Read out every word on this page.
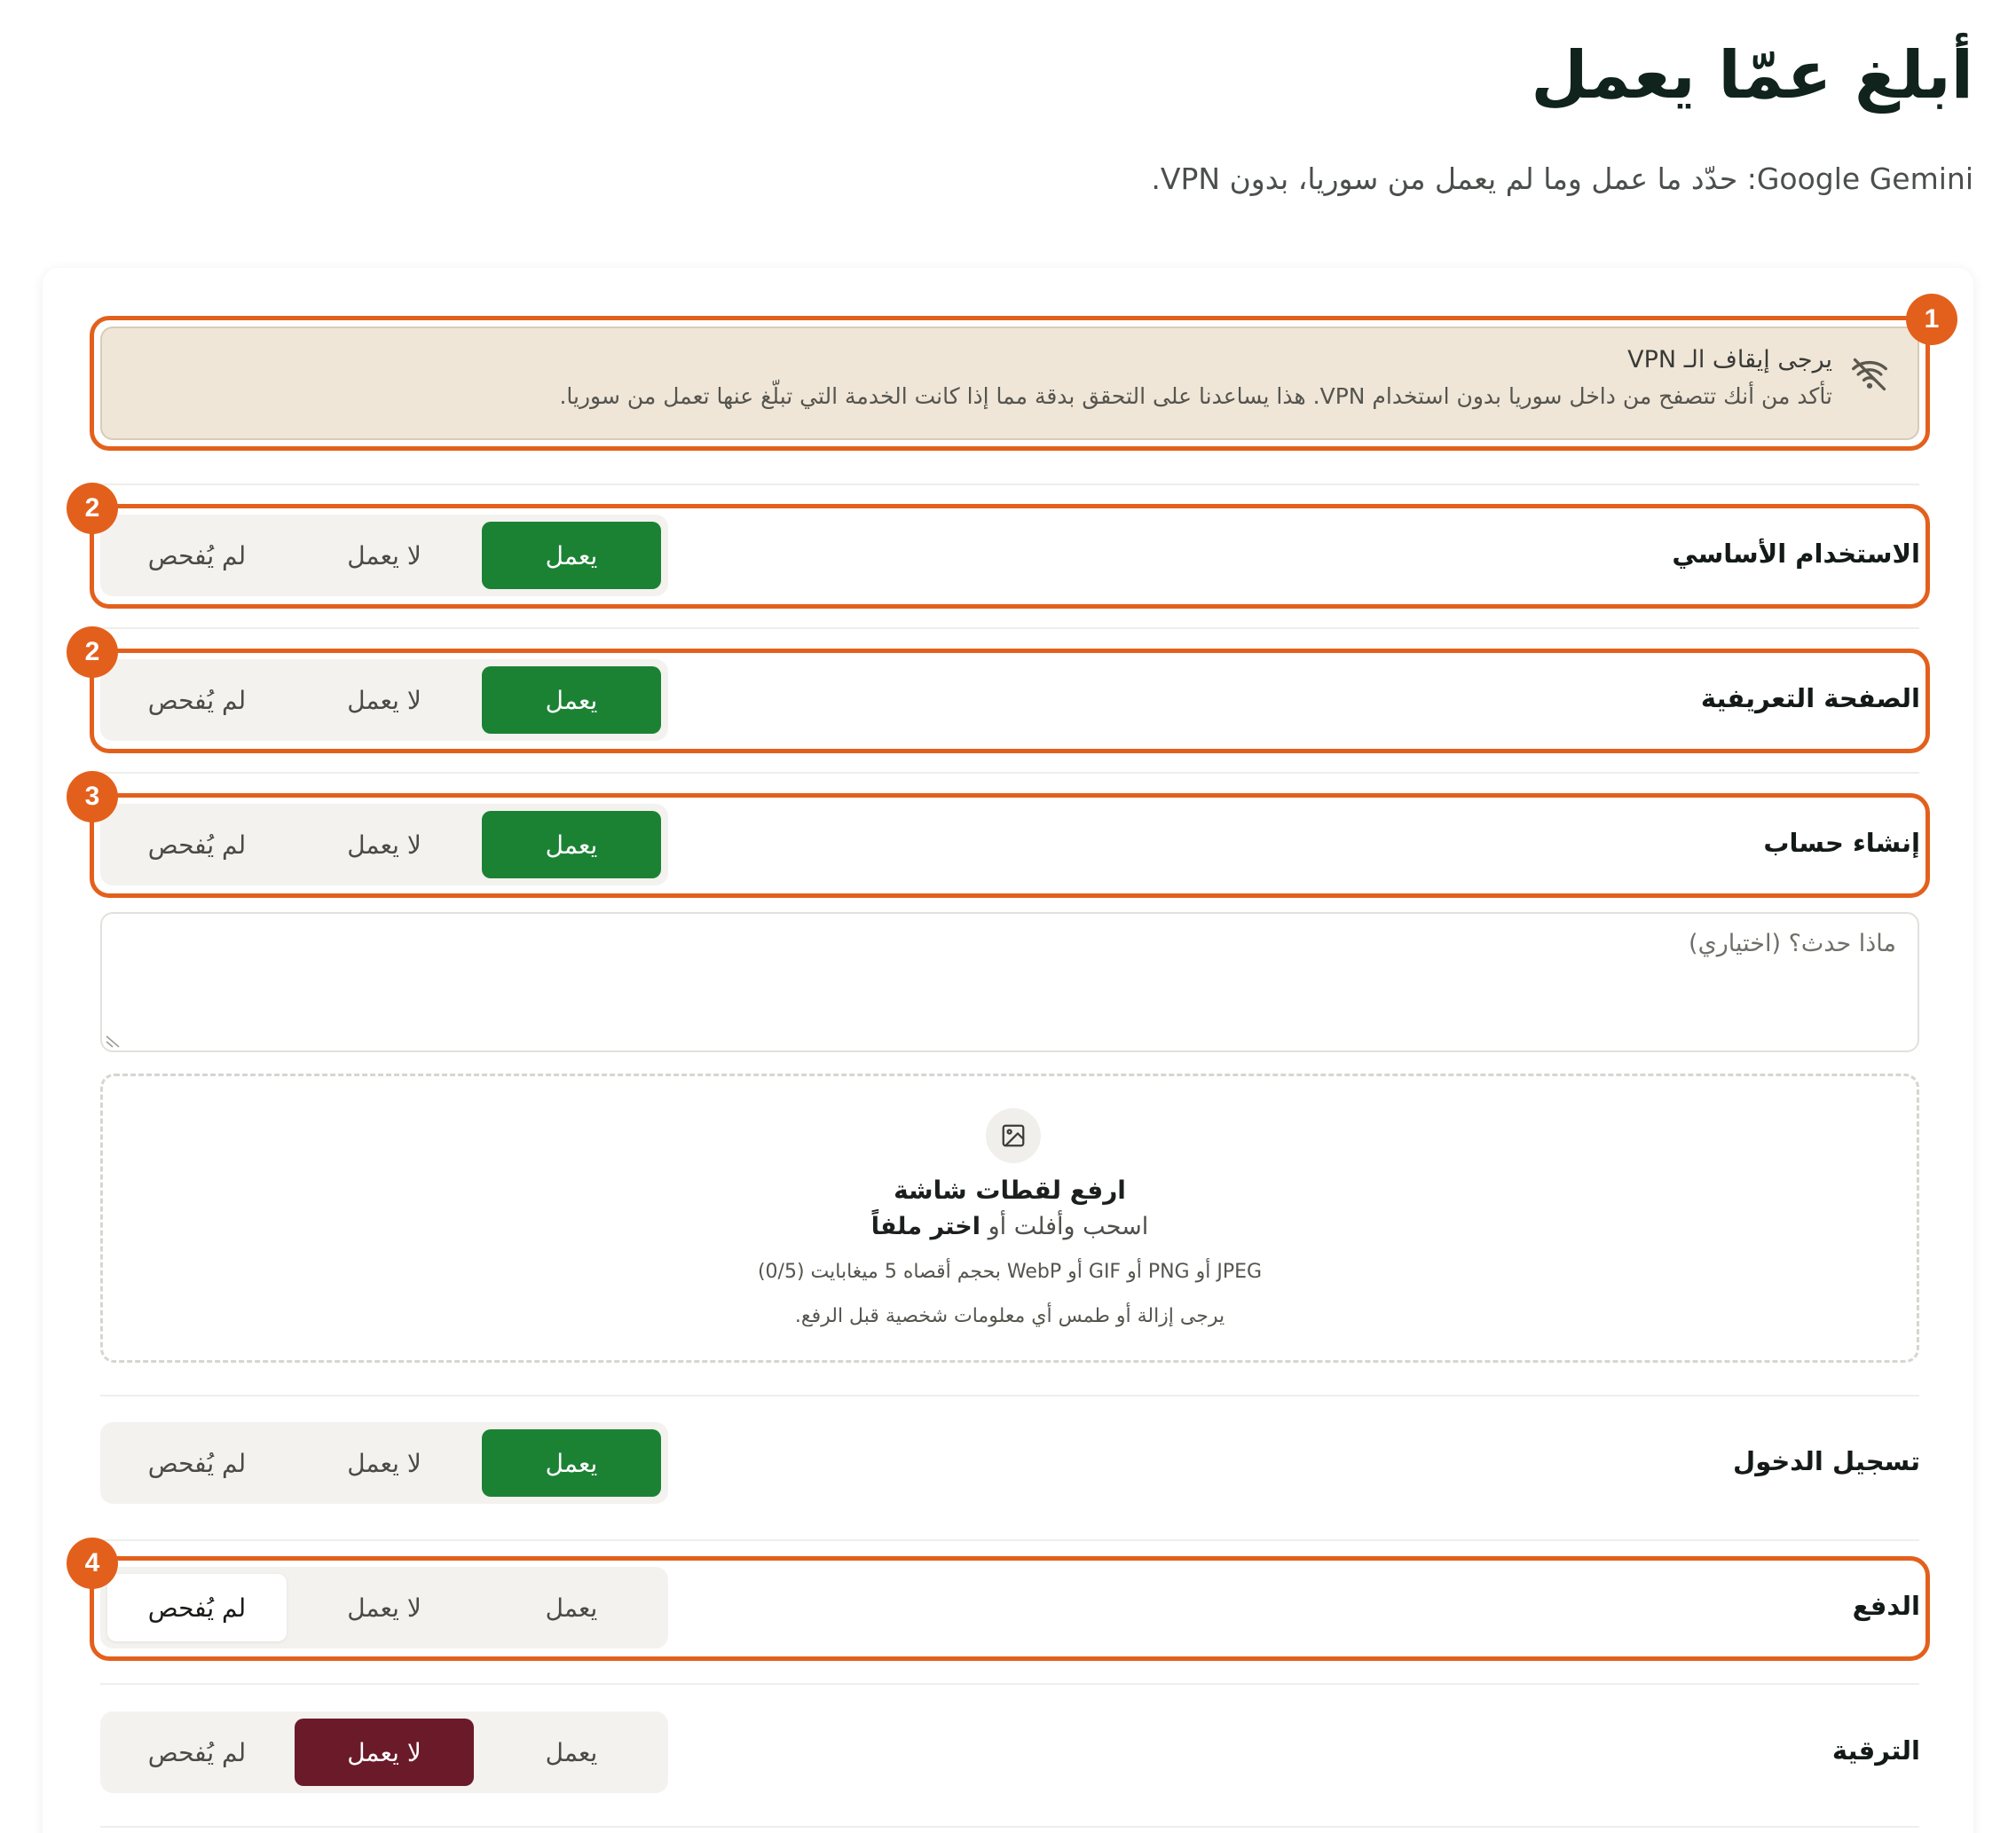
أبلغ عمّا يعمل

Google Gemini: حدّد ما عمل وما لم يعمل من سوريا، بدون VPN.

يرجى إيقاف الـ VPN
تأكد من أنك تتصفح من داخل سوريا بدون استخدام VPN. هذا يساعدنا على التحقق بدقة مما إذا كانت الخدمة التي تبلّغ عنها تعمل من سوريا.
1
الاستخدام الأساسي
يعمل
لا يعمل
لم يُفحص
2
الصفحة التعريفية
يعمل
لا يعمل
لم يُفحص
2
إنشاء حساب
يعمل
لا يعمل
لم يُفحص
3
ماذا حدث؟ (اختياري)
ارفع لقطات شاشة
اسحب وأفلت أو اختر ملفاً
JPEG أو PNG أو GIF أو WebP بحجم أقصاه 5 ميغابايت (0/5)
يرجى إزالة أو طمس أي معلومات شخصية قبل الرفع.
تسجيل الدخول
يعمل
لا يعمل
لم يُفحص
الدفع
يعمل
لا يعمل
لم يُفحص
4
الترقية
يعمل
لا يعمل
لم يُفحص
